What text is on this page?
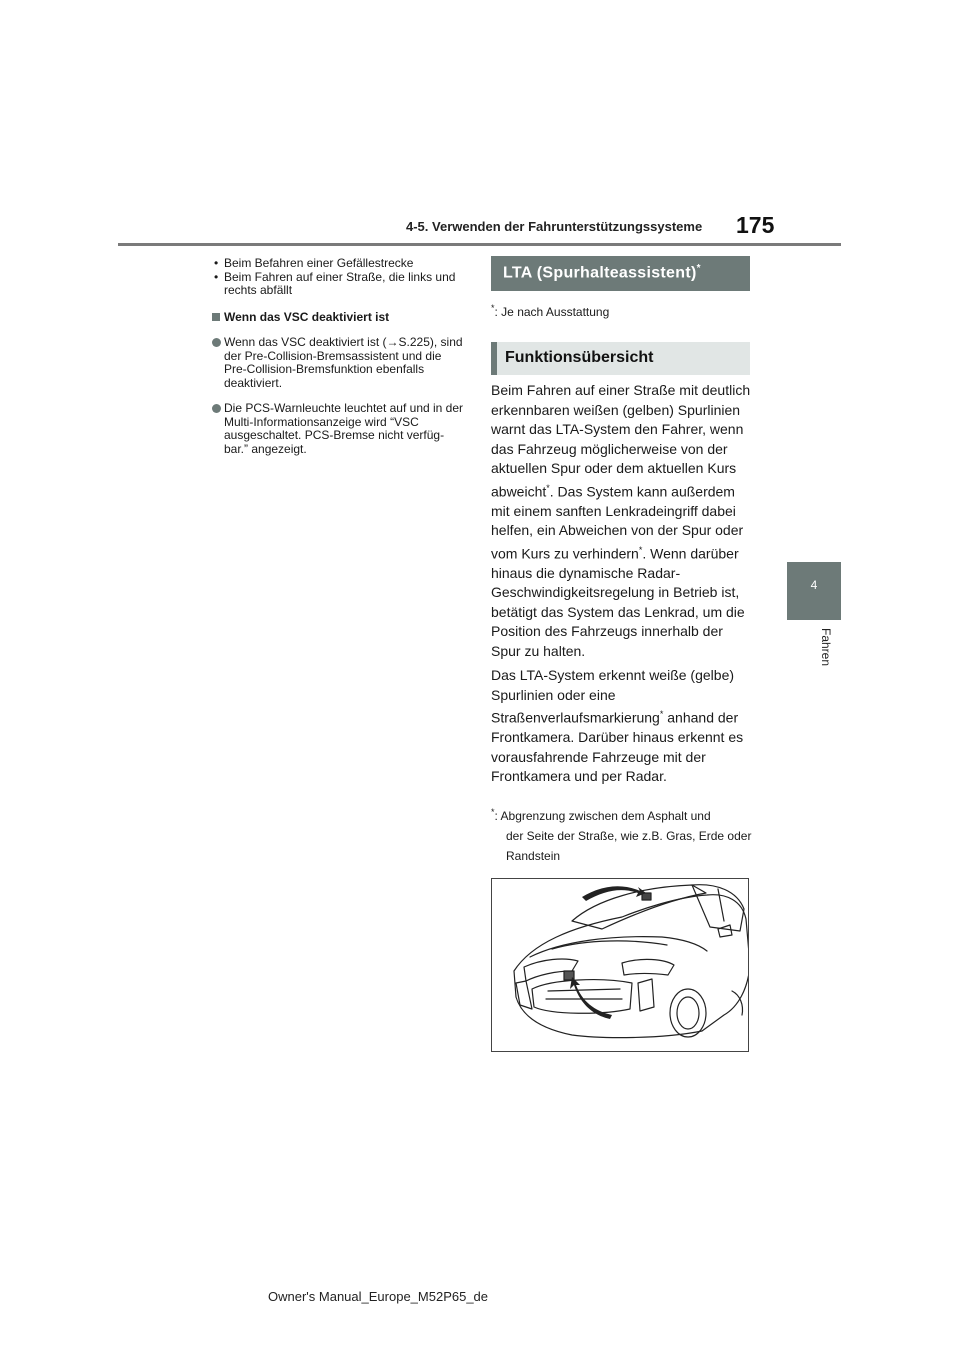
4-5. Verwenden der Fahrunterstützungssysteme 175
4
Fahren
• Beim Befahren einer Gefällestrecke
• Beim Fahren auf einer Straße, die links und rechts abfällt
Wenn das VSC deaktiviert ist
Wenn das VSC deaktiviert ist (→S.225), sind der Pre-Collision-Bremsassistent und die Pre-Collision-Bremsfunktion ebenfalls deaktiviert.
Die PCS-Warnleuchte leuchtet auf und in der Multi-Informationsanzeige wird “VSC ausgeschaltet. PCS-Bremse nicht verfüg-bar.” angezeigt.
LTA (Spurhalteassistent)*
*: Je nach Ausstattung
Funktionsübersicht
Beim Fahren auf einer Straße mit deutlich erkennbaren weißen (gelben) Spurlinien warnt das LTA-System den Fahrer, wenn das Fahrzeug möglicherweise von der aktuellen Spur oder dem aktuellen Kurs abweicht*. Das System kann außerdem mit einem sanften Lenkradeingriff dabei helfen, ein Abweichen von der Spur oder vom Kurs zu verhindern*. Wenn darüber hinaus die dynamische Radar-Geschwindigkeitsregelung in Betrieb ist, betätigt das System das Lenkrad, um die Position des Fahrzeugs innerhalb der Spur zu halten.
Das LTA-System erkennt weiße (gelbe) Spurlinien oder eine Straßenverlaufsmarkierung* anhand der Frontkamera. Darüber hinaus erkennt es vorausfahrende Fahrzeuge mit der Frontkamera und per Radar.
*: Abgrenzung zwischen dem Asphalt und
der Seite der Straße, wie z.B. Gras, Erde oder Randstein
Owner's Manual_Europe_M52P65_de
